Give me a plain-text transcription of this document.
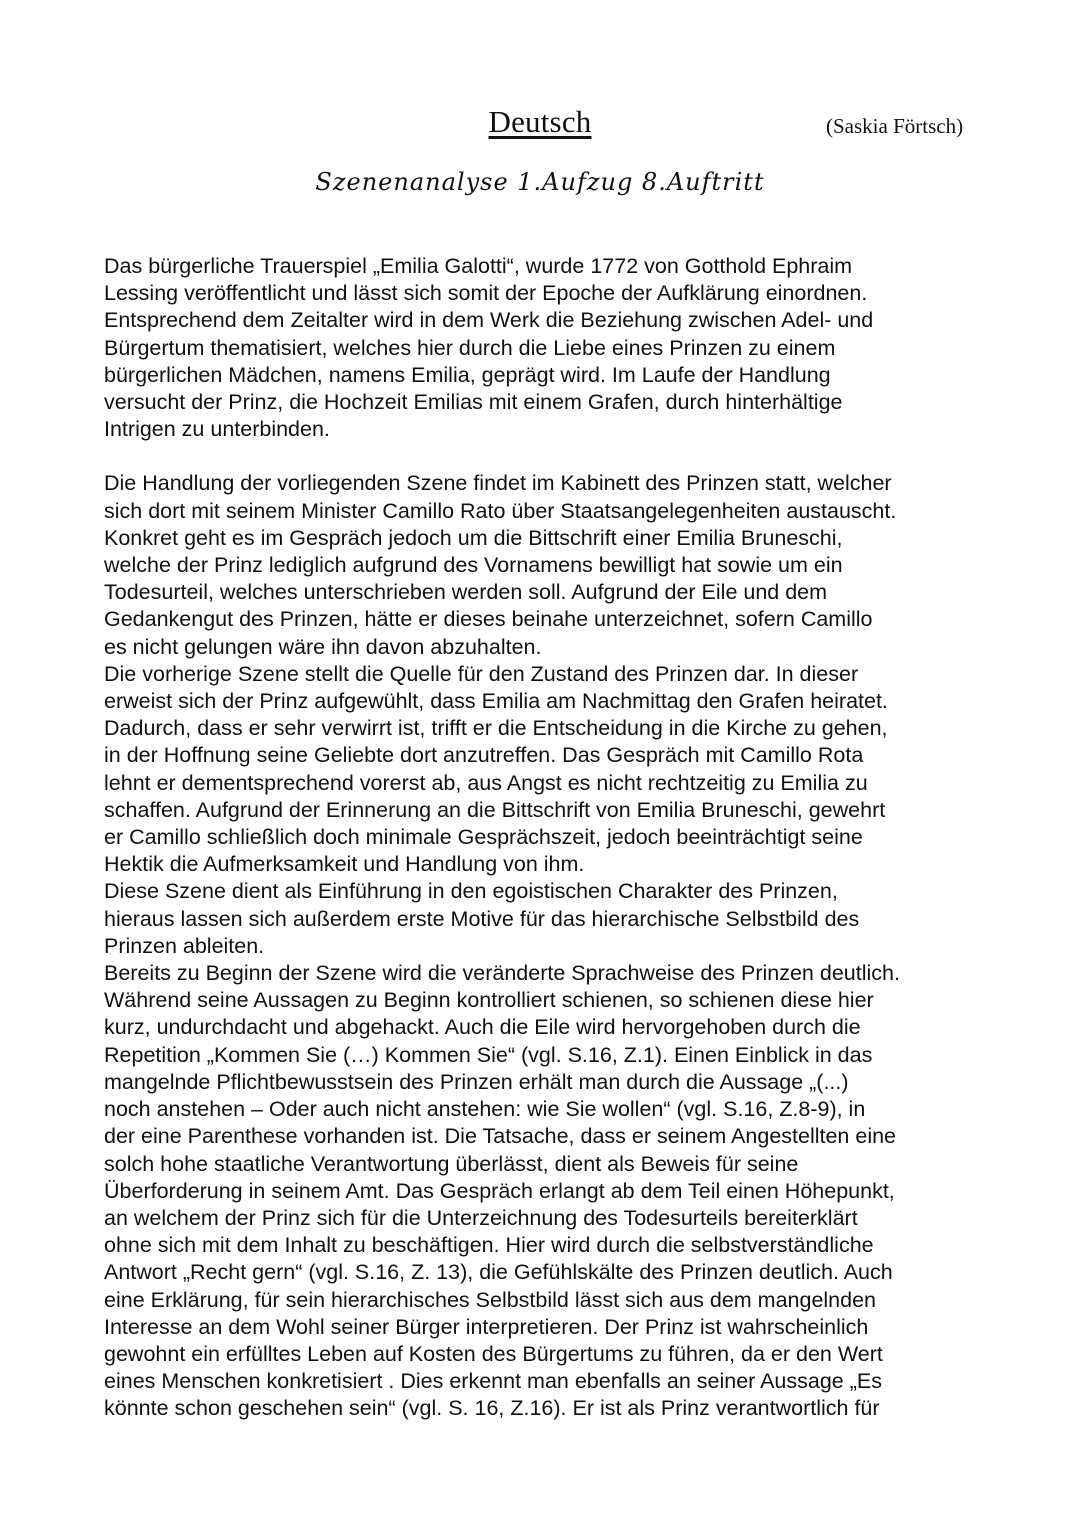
Deutsch	(Saskia Förtsch)
Szenenanalyse 1.Aufzug 8.Auftritt

Das bürgerliche Trauerspiel „Emilia Galotti“, wurde 1772 von Gotthold Ephraim
Lessing veröffentlicht und lässt sich somit der Epoche der Aufklärung einordnen.
Entsprechend dem Zeitalter wird in dem Werk die Beziehung zwischen Adel- und
Bürgertum thematisiert, welches hier durch die Liebe eines Prinzen zu einem
bürgerlichen Mädchen, namens Emilia, geprägt wird. Im Laufe der Handlung
versucht der Prinz, die Hochzeit Emilias mit einem Grafen, durch hinterhältige
Intrigen zu unterbinden.

Die Handlung der vorliegenden Szene findet im Kabinett des Prinzen statt, welcher
sich dort mit seinem Minister Camillo Rato über Staatsangelegenheiten austauscht.
Konkret geht es im Gespräch jedoch um die Bittschrift einer Emilia Bruneschi,
welche der Prinz lediglich aufgrund des Vornamens bewilligt hat sowie um ein
Todesurteil, welches unterschrieben werden soll. Aufgrund der Eile und dem
Gedankengut des Prinzen, hätte er dieses beinahe unterzeichnet, sofern Camillo
es nicht gelungen wäre ihn davon abzuhalten.

Die vorherige Szene stellt die Quelle für den Zustand des Prinzen dar. In dieser
erweist sich der Prinz aufgewühlt, dass Emilia am Nachmittag den Grafen heiratet.
Dadurch, dass er sehr verwirrt ist, trifft er die Entscheidung in die Kirche zu gehen,
in der Hoffnung seine Geliebte dort anzutreffen. Das Gespräch mit Camillo Rota
lehnt er dementsprechend vorerst ab, aus Angst es nicht rechtzeitig zu Emilia zu
schaffen. Aufgrund der Erinnerung an die Bittschrift von Emilia Bruneschi, gewehrt
er Camillo schließlich doch minimale Gesprächszeit, jedoch beeinträchtigt seine
Hektik die Aufmerksamkeit und Handlung von ihm.

Diese Szene dient als Einführung in den egoistischen Charakter des Prinzen,
hieraus lassen sich außerdem erste Motive für das hierarchische Selbstbild des
Prinzen ableiten.

Bereits zu Beginn der Szene wird die veränderte Sprachweise des Prinzen deutlich.
Während seine Aussagen zu Beginn kontrolliert schienen, so schienen diese hier
kurz, undurchdacht und abgehackt. Auch die Eile wird hervorgehoben durch die
Repetition „Kommen Sie (…) Kommen Sie“ (vgl. S.16, Z.1). Einen Einblick in das
mangelnde Pflichtbewusstsein des Prinzen erhält man durch die Aussage „(...)
noch anstehen – Oder auch nicht anstehen: wie Sie wollen“ (vgl. S.16, Z.8-9), in
der eine Parenthese vorhanden ist. Die Tatsache, dass er seinem Angestellten eine
solch hohe staatliche Verantwortung überlässt, dient als Beweis für seine
Überforderung in seinem Amt. Das Gespräch erlangt ab dem Teil einen Höhepunkt,
an welchem der Prinz sich für die Unterzeichnung des Todesurteils bereiterklärt
ohne sich mit dem Inhalt zu beschäftigen. Hier wird durch die selbstverständliche
Antwort „Recht gern“ (vgl. S.16, Z. 13), die Gefühlskälte des Prinzen deutlich. Auch
eine Erklärung, für sein hierarchisches Selbstbild lässt sich aus dem mangelnden
Interesse an dem Wohl seiner Bürger interpretieren. Der Prinz ist wahrscheinlich
gewohnt ein erfülltes Leben auf Kosten des Bürgertums zu führen, da er den Wert
eines Menschen konkretisiert . Dies erkennt man ebenfalls an seiner Aussage „Es
könnte schon geschehen sein“ (vgl. S. 16, Z.16). Er ist als Prinz verantwortlich für
